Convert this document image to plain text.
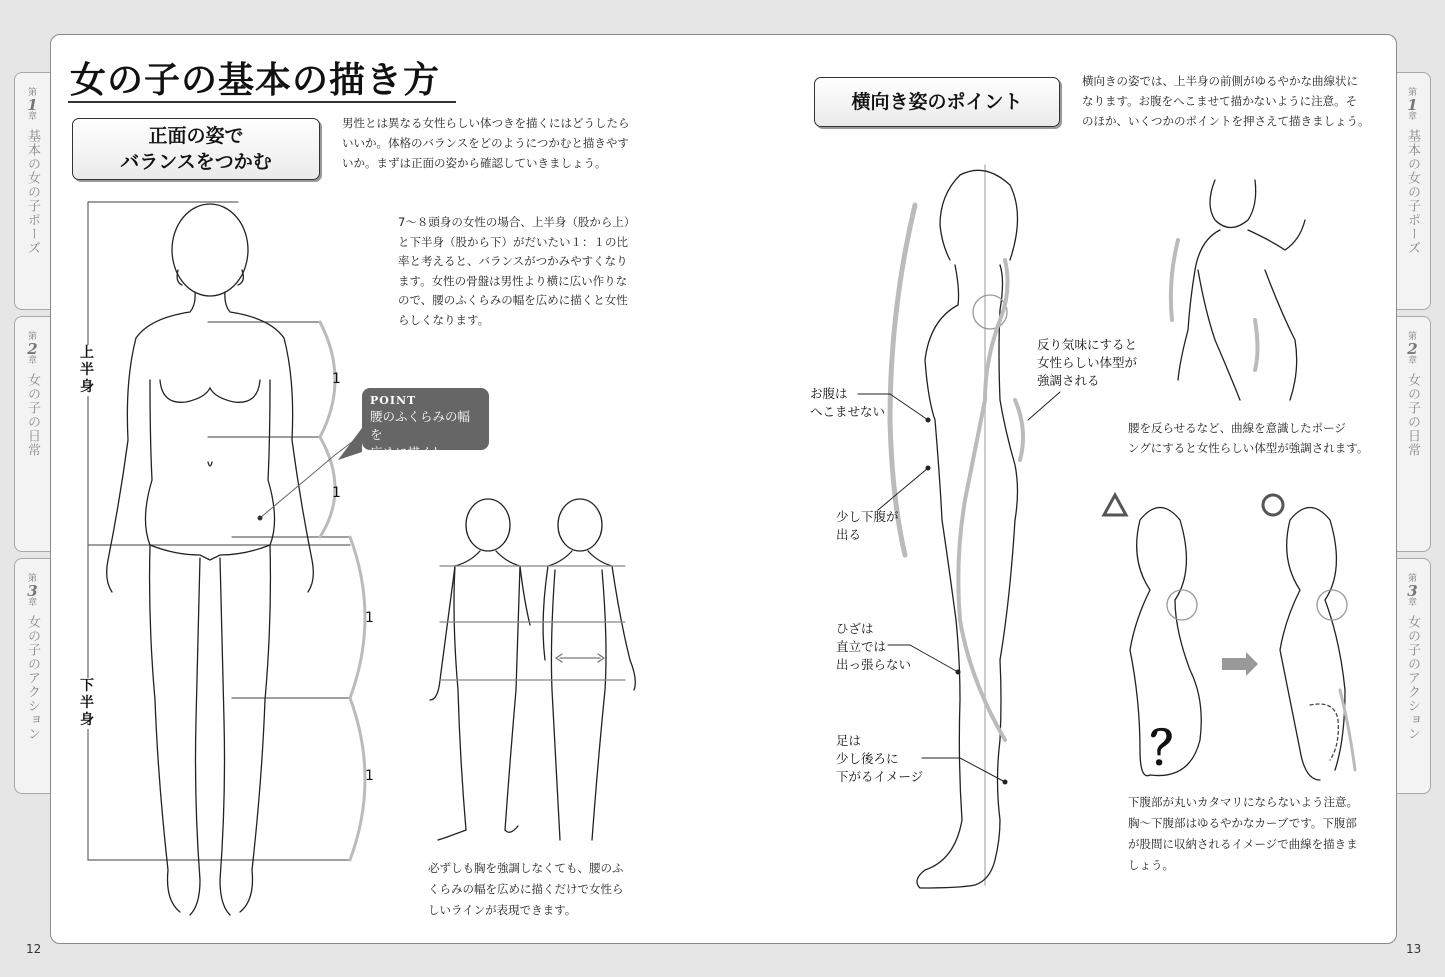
第
1
章
基本の女の子ポーズ
第
2
章
女の子の日常
第
3
章
女の子のアクション
第
1
章
基本の女の子ポーズ
第
2
章
女の子の日常
第
3
章
女の子のアクション
女の子の基本の描き方
正面の姿で
バランスをつかむ
男性とは異なる女性らしい体つきを描くにはどうしたら
いいか。体格のバランスをどのようにつかむと描きやす
いか。まずは正面の姿から確認していきましょう。
7〜８頭身の女性の場合、上半身（股から上）
と下半身（股から下）がだいたい１：１の比
率と考えると、バランスがつかみやすくなり
ます。女性の骨盤は男性より横に広い作りな
ので、腰のふくらみの幅を広めに描くと女性
らしくなります。
POINT
腰のふくらみの幅を
広めに描く！
上
半
身
下
半
身
1
1
1
1
必ずしも胸を強調しなくても、腰のふ
くらみの幅を広めに描くだけで女性ら
しいラインが表現できます。
12
横向き姿のポイント
横向きの姿では、上半身の前側がゆるやかな曲線状に
なります。お腹をへこませて描かないように注意。そ
のほか、いくつかのポイントを押さえて描きましょう。
お腹は
へこませない
少し下腹が
出る
ひざは
直立では
出っ張らない
足は
少し後ろに
下がるイメージ
反り気味にすると
女性らしい体型が
強調される
腰を反らせるなど、曲線を意識したポージ
ングにすると女性らしい体型が強調されます。
？
下腹部が丸いカタマリにならないよう注意。
胸〜下腹部はゆるやかなカーブです。下腹部
が股間に収納されるイメージで曲線を描きま
しょう。
13
